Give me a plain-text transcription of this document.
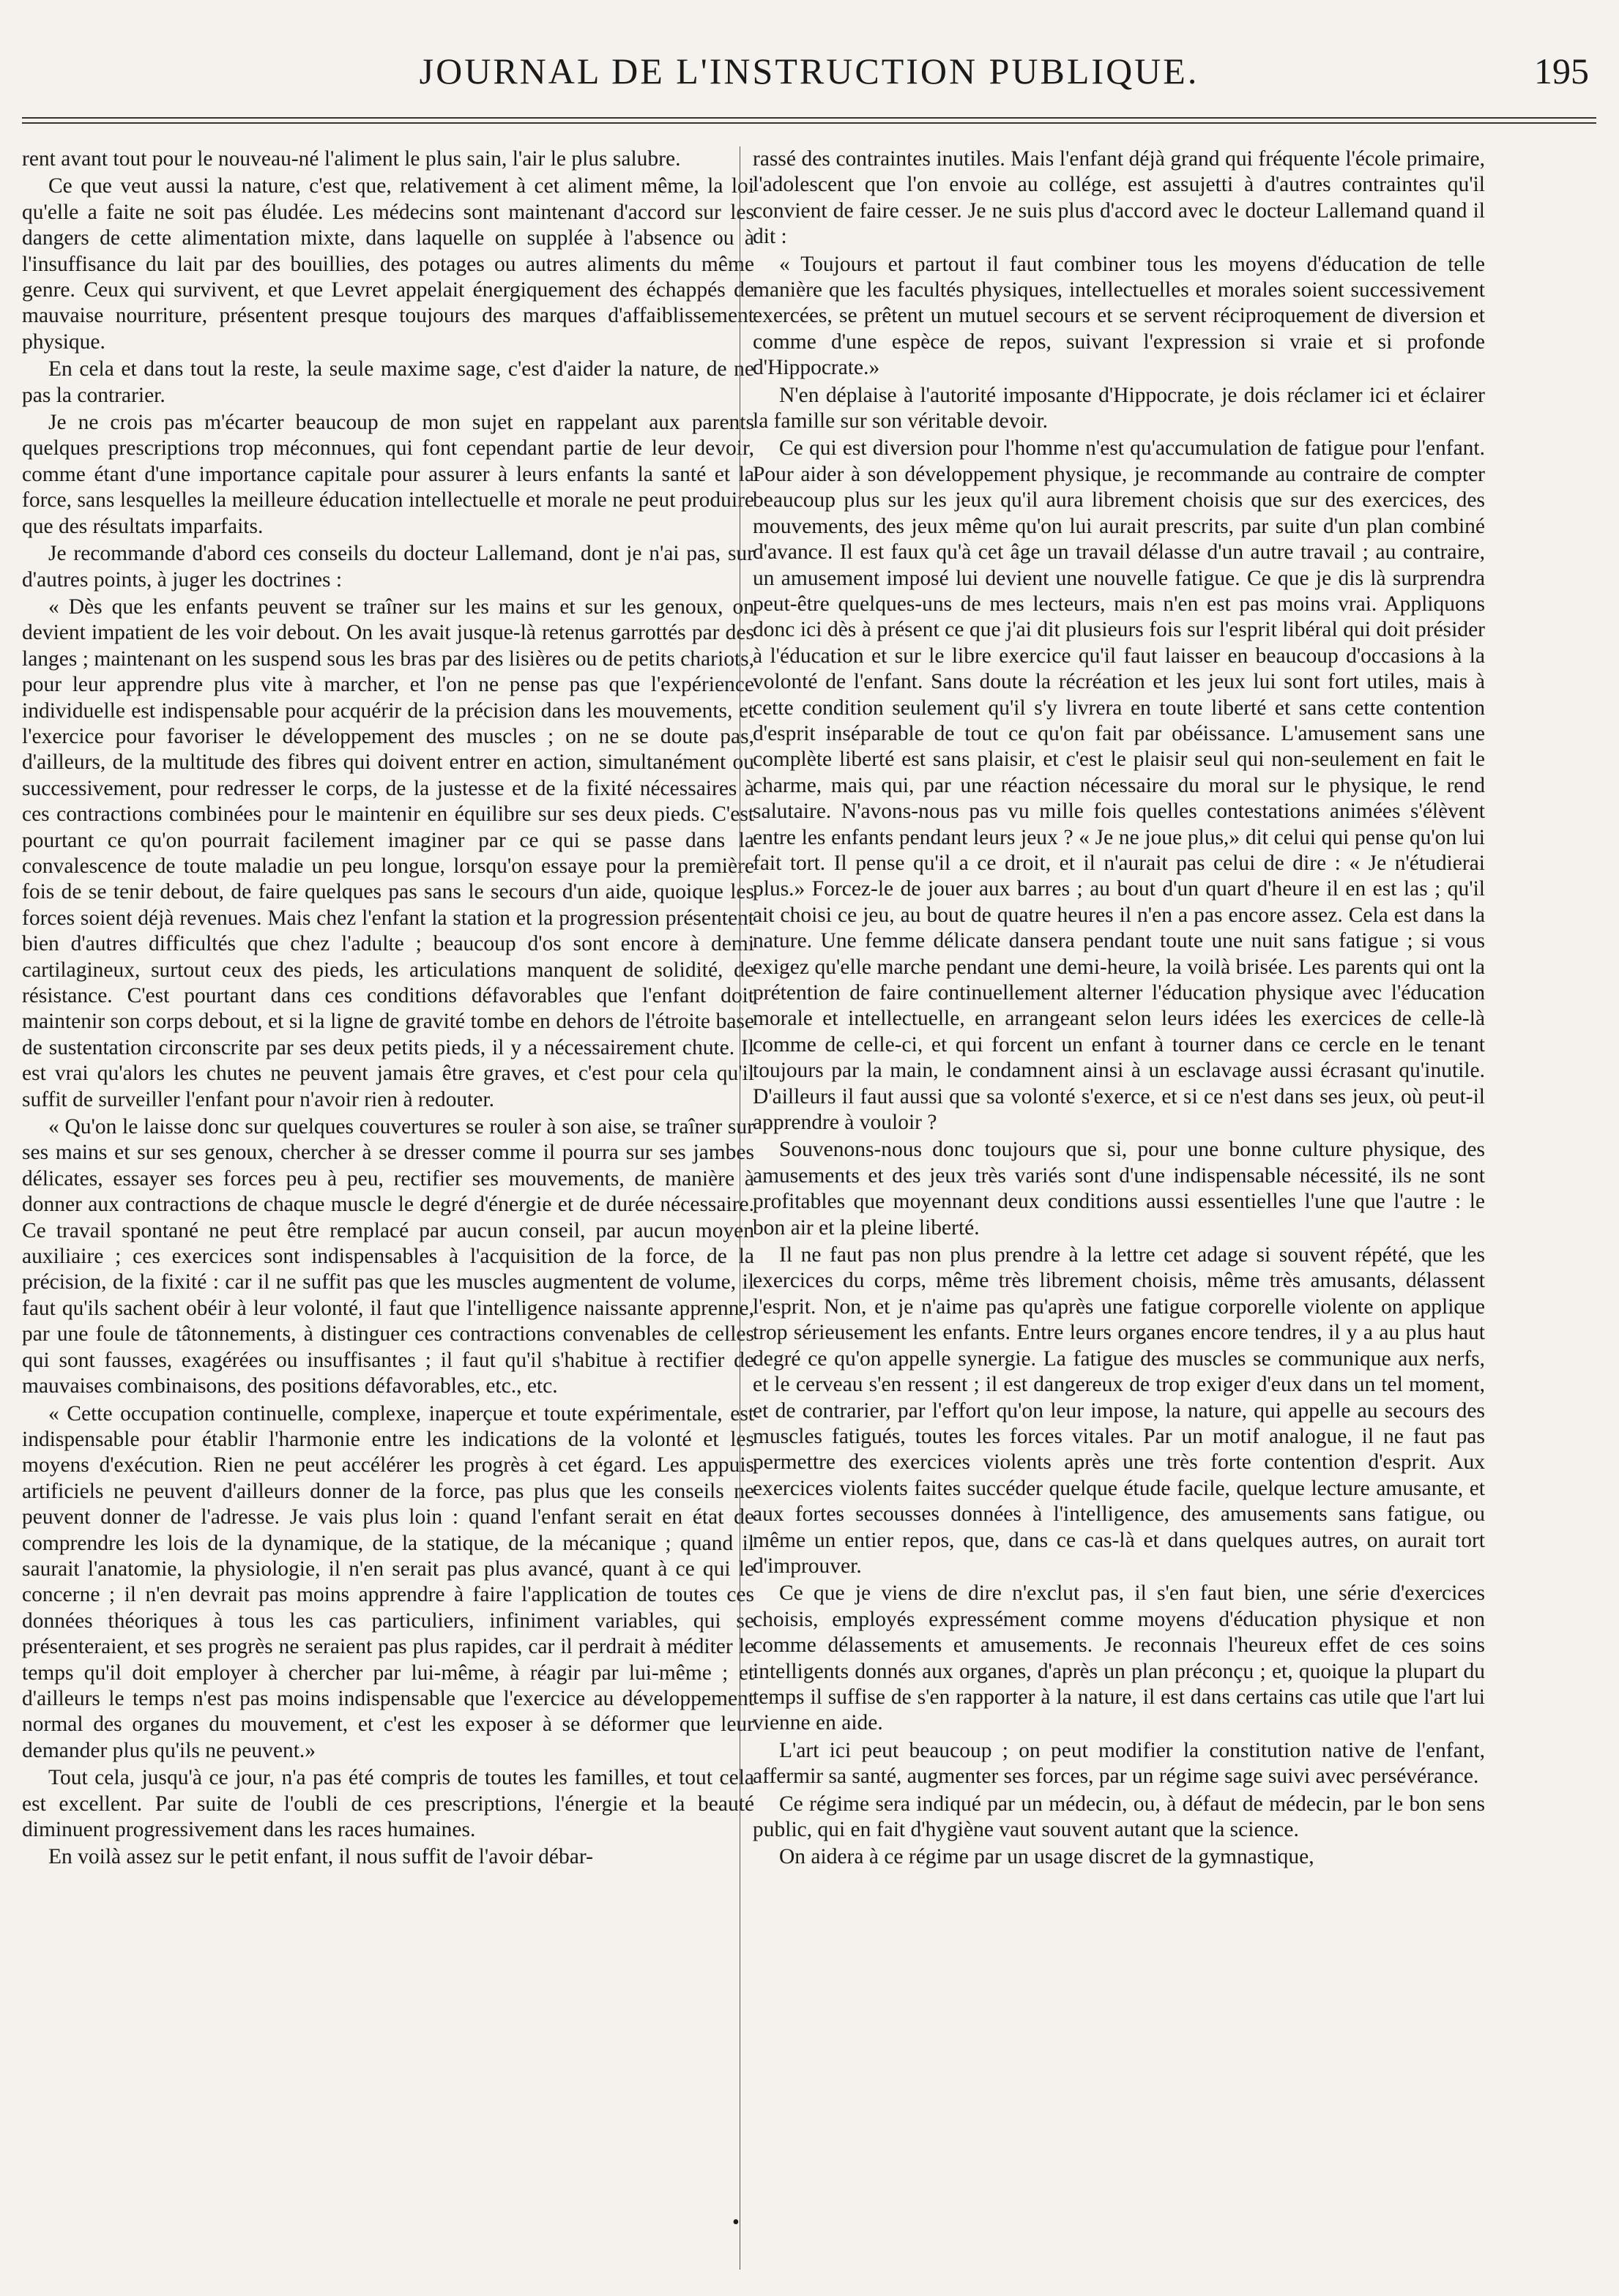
JOURNAL DE L'INSTRUCTION PUBLIQUE.	195

rent avant tout pour le nouveau-né l'aliment le plus sain, l'air le plus salubre.

Ce que veut aussi la nature, c'est que, relativement à cet aliment même, la loi qu'elle a faite ne soit pas éludée. Les médecins sont maintenant d'accord sur les dangers de cette alimentation mixte, dans laquelle on supplée à l'absence ou à l'insuffisance du lait par des bouillies, des potages ou autres aliments du même genre. Ceux qui survivent, et que Levret appelait énergiquement des échappés de mauvaise nourriture, présentent presque toujours des marques d'affaiblissement physique.

En cela et dans tout la reste, la seule maxime sage, c'est d'aider la nature, de ne pas la contrarier.

Je ne crois pas m'écarter beaucoup de mon sujet en rappelant aux parents quelques prescriptions trop méconnues, qui font cependant partie de leur devoir, comme étant d'une importance capitale pour assurer à leurs enfants la santé et la force, sans lesquelles la meilleure éducation intellectuelle et morale ne peut produire que des résultats imparfaits.

Je recommande d'abord ces conseils du docteur Lallemand, dont je n'ai pas, sur d'autres points, à juger les doctrines :

« Dès que les enfants peuvent se traîner sur les mains et sur les genoux, on devient impatient de les voir debout. On les avait jusque-là retenus garrottés par des langes ; maintenant on les suspend sous les bras par des lisières ou de petits chariots, pour leur apprendre plus vite à marcher, et l'on ne pense pas que l'expérience individuelle est indispensable pour acquérir de la précision dans les mouvements, et l'exercice pour favoriser le développement des muscles ; on ne se doute pas, d'ailleurs, de la multitude des fibres qui doivent entrer en action, simultanément ou successivement, pour redresser le corps, de la justesse et de la fixité nécessaires à ces contractions combinées pour le maintenir en équilibre sur ses deux pieds. C'est pourtant ce qu'on pourrait facilement imaginer par ce qui se passe dans la convalescence de toute maladie un peu longue, lorsqu'on essaye pour la première fois de se tenir debout, de faire quelques pas sans le secours d'un aide, quoique les forces soient déjà revenues. Mais chez l'enfant la station et la progression présentent bien d'autres difficultés que chez l'adulte ; beaucoup d'os sont encore à demi cartilagineux, surtout ceux des pieds, les articulations manquent de solidité, de résistance. C'est pourtant dans ces conditions défavorables que l'enfant doit maintenir son corps debout, et si la ligne de gravité tombe en dehors de l'étroite base de sustentation circonscrite par ses deux petits pieds, il y a nécessairement chute. Il est vrai qu'alors les chutes ne peuvent jamais être graves, et c'est pour cela qu'il suffit de surveiller l'enfant pour n'avoir rien à redouter.

« Qu'on le laisse donc sur quelques couvertures se rouler à son aise, se traîner sur ses mains et sur ses genoux, chercher à se dresser comme il pourra sur ses jambes délicates, essayer ses forces peu à peu, rectifier ses mouvements, de manière à donner aux contractions de chaque muscle le degré d'énergie et de durée nécessaire. Ce travail spontané ne peut être remplacé par aucun conseil, par aucun moyen auxiliaire ; ces exercices sont indispensables à l'acquisition de la force, de la précision, de la fixité : car il ne suffit pas que les muscles augmentent de volume, il faut qu'ils sachent obéir à leur volonté, il faut que l'intelligence naissante apprenne, par une foule de tâtonnements, à distinguer ces contractions convenables de celles qui sont fausses, exagérées ou insuffisantes ; il faut qu'il s'habitue à rectifier de mauvaises combinaisons, des positions défavorables, etc., etc.

« Cette occupation continuelle, complexe, inaperçue et toute expérimentale, est indispensable pour établir l'harmonie entre les indications de la volonté et les moyens d'exécution. Rien ne peut accélérer les progrès à cet égard. Les appuis artificiels ne peuvent d'ailleurs donner de la force, pas plus que les conseils ne peuvent donner de l'adresse. Je vais plus loin : quand l'enfant serait en état de comprendre les lois de la dynamique, de la statique, de la mécanique ; quand il saurait l'anatomie, la physiologie, il n'en serait pas plus avancé, quant à ce qui le concerne ; il n'en devrait pas moins apprendre à faire l'application de toutes ces données théoriques à tous les cas particuliers, infiniment variables, qui se présenteraient, et ses progrès ne seraient pas plus rapides, car il perdrait à méditer le temps qu'il doit employer à chercher par lui-même, à réagir par lui-même ; et d'ailleurs le temps n'est pas moins indispensable que l'exercice au développement normal des organes du mouvement, et c'est les exposer à se déformer que leur demander plus qu'ils ne peuvent.»

Tout cela, jusqu'à ce jour, n'a pas été compris de toutes les familles, et tout cela est excellent. Par suite de l'oubli de ces prescriptions, l'énergie et la beauté diminuent progressivement dans les races humaines.

En voilà assez sur le petit enfant, il nous suffit de l'avoir débar-

rassé des contraintes inutiles. Mais l'enfant déjà grand qui fréquente l'école primaire, l'adolescent que l'on envoie au collége, est assujetti à d'autres contraintes qu'il convient de faire cesser. Je ne suis plus d'accord avec le docteur Lallemand quand il dit :

« Toujours et partout il faut combiner tous les moyens d'éducation de telle manière que les facultés physiques, intellectuelles et morales soient successivement exercées, se prêtent un mutuel secours et se servent réciproquement de diversion et comme d'une espèce de repos, suivant l'expression si vraie et si profonde d'Hippocrate.»

N'en déplaise à l'autorité imposante d'Hippocrate, je dois réclamer ici et éclairer la famille sur son véritable devoir.

Ce qui est diversion pour l'homme n'est qu'accumulation de fatigue pour l'enfant. Pour aider à son développement physique, je recommande au contraire de compter beaucoup plus sur les jeux qu'il aura librement choisis que sur des exercices, des mouvements, des jeux même qu'on lui aurait prescrits, par suite d'un plan combiné d'avance. Il est faux qu'à cet âge un travail délasse d'un autre travail ; au contraire, un amusement imposé lui devient une nouvelle fatigue. Ce que je dis là surprendra peut-être quelques-uns de mes lecteurs, mais n'en est pas moins vrai. Appliquons donc ici dès à présent ce que j'ai dit plusieurs fois sur l'esprit libéral qui doit présider à l'éducation et sur le libre exercice qu'il faut laisser en beaucoup d'occasions à la volonté de l'enfant. Sans doute la récréation et les jeux lui sont fort utiles, mais à cette condition seulement qu'il s'y livrera en toute liberté et sans cette contention d'esprit inséparable de tout ce qu'on fait par obéissance. L'amusement sans une complète liberté est sans plaisir, et c'est le plaisir seul qui non-seulement en fait le charme, mais qui, par une réaction nécessaire du moral sur le physique, le rend salutaire. N'avons-nous pas vu mille fois quelles contestations animées s'élèvent entre les enfants pendant leurs jeux ? « Je ne joue plus,» dit celui qui pense qu'on lui fait tort. Il pense qu'il a ce droit, et il n'aurait pas celui de dire : « Je n'étudierai plus.» Forcez-le de jouer aux barres ; au bout d'un quart d'heure il en est las ; qu'il ait choisi ce jeu, au bout de quatre heures il n'en a pas encore assez. Cela est dans la nature. Une femme délicate dansera pendant toute une nuit sans fatigue ; si vous exigez qu'elle marche pendant une demi-heure, la voilà brisée. Les parents qui ont la prétention de faire continuellement alterner l'éducation physique avec l'éducation morale et intellectuelle, en arrangeant selon leurs idées les exercices de celle-là comme de celle-ci, et qui forcent un enfant à tourner dans ce cercle en le tenant toujours par la main, le condamnent ainsi à un esclavage aussi écrasant qu'inutile. D'ailleurs il faut aussi que sa volonté s'exerce, et si ce n'est dans ses jeux, où peut-il apprendre à vouloir ?

Souvenons-nous donc toujours que si, pour une bonne culture physique, des amusements et des jeux très variés sont d'une indispensable nécessité, ils ne sont profitables que moyennant deux conditions aussi essentielles l'une que l'autre : le bon air et la pleine liberté.

Il ne faut pas non plus prendre à la lettre cet adage si souvent répété, que les exercices du corps, même très librement choisis, même très amusants, délassent l'esprit. Non, et je n'aime pas qu'après une fatigue corporelle violente on applique trop sérieusement les enfants. Entre leurs organes encore tendres, il y a au plus haut degré ce qu'on appelle synergie. La fatigue des muscles se communique aux nerfs, et le cerveau s'en ressent ; il est dangereux de trop exiger d'eux dans un tel moment, et de contrarier, par l'effort qu'on leur impose, la nature, qui appelle au secours des muscles fatigués, toutes les forces vitales. Par un motif analogue, il ne faut pas permettre des exercices violents après une très forte contention d'esprit. Aux exercices violents faites succéder quelque étude facile, quelque lecture amusante, et aux fortes secousses données à l'intelligence, des amusements sans fatigue, ou même un entier repos, que, dans ce cas-là et dans quelques autres, on aurait tort d'improuver.

Ce que je viens de dire n'exclut pas, il s'en faut bien, une série d'exercices choisis, employés expressément comme moyens d'éducation physique et non comme délassements et amusements. Je reconnais l'heureux effet de ces soins intelligents donnés aux organes, d'après un plan préconçu ; et, quoique la plupart du temps il suffise de s'en rapporter à la nature, il est dans certains cas utile que l'art lui vienne en aide.

L'art ici peut beaucoup ; on peut modifier la constitution native de l'enfant, affermir sa santé, augmenter ses forces, par un régime sage suivi avec persévérance.

Ce régime sera indiqué par un médecin, ou, à défaut de médecin, par le bon sens public, qui en fait d'hygiène vaut souvent autant que la science.

On aidera à ce régime par un usage discret de la gymnastique,

•
